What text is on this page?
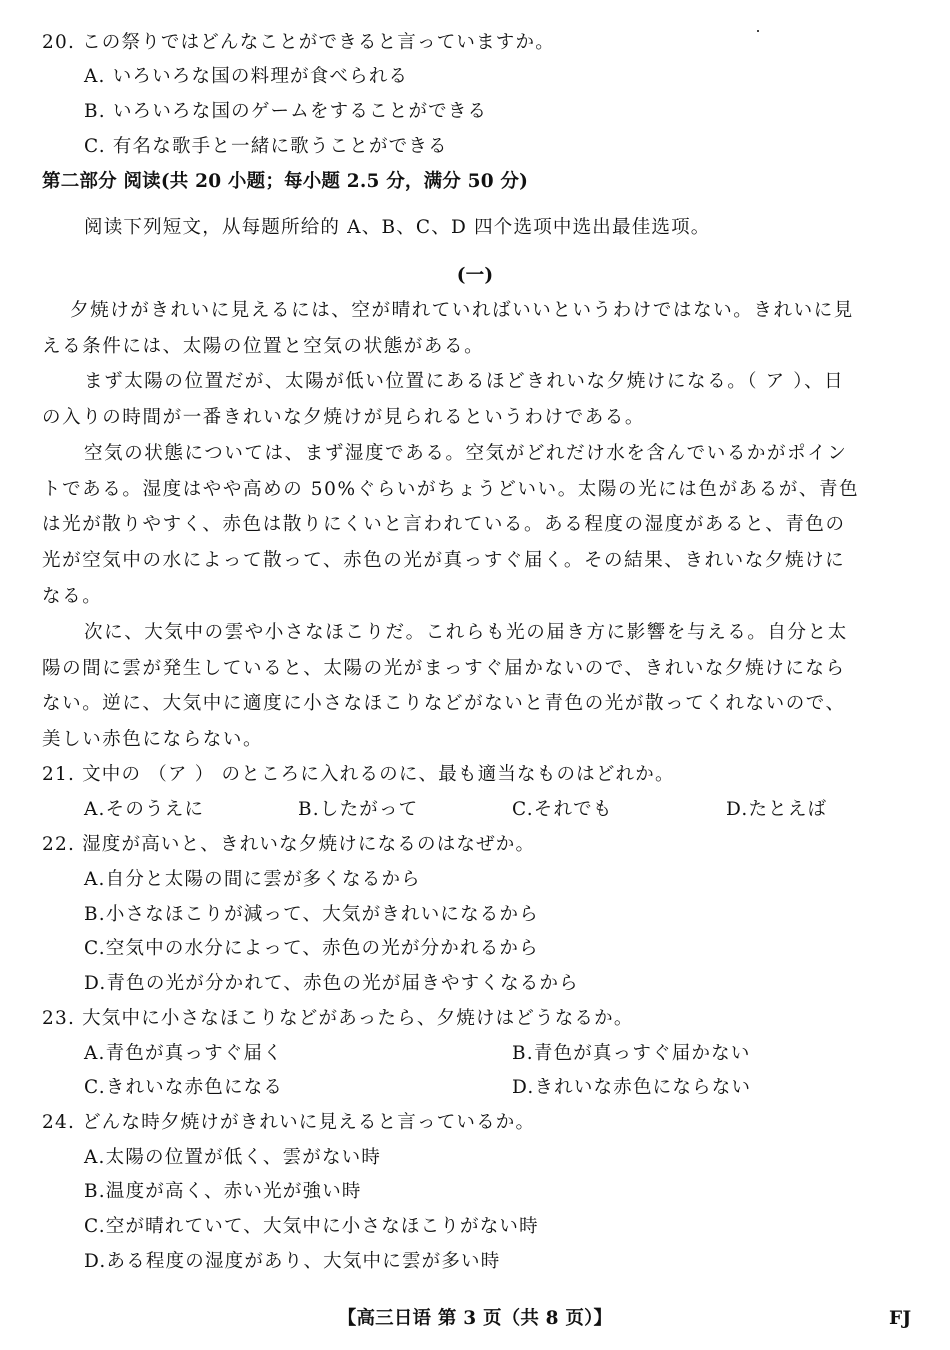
20. この祭りではどんなことができると言っていますか。
A. いろいろな国の料理が食べられる
B. いろいろな国のゲームをすることができる
C. 有名な歌手と一緒に歌うことができる
第二部分 阅读(共 20 小题；每小题 2.5 分，满分 50 分)
阅读下列短文，从每题所给的 A、B、C、D 四个选项中选出最佳选项。
(一)
夕焼けがきれいに見えるには、空が晴れていればいいというわけではない。きれいに見
える条件には、太陽の位置と空気の状態がある。
まず太陽の位置だが、太陽が低い位置にあるほどきれいな夕焼けになる。（ ア ）、日
の入りの時間が一番きれいな夕焼けが見られるというわけである。
空気の状態については、まず湿度である。空気がどれだけ水を含んでいるかがポイン
トである。湿度はやや高めの 50%ぐらいがちょうどいい。太陽の光には色があるが、青色
は光が散りやすく、赤色は散りにくいと言われている。ある程度の湿度があると、青色の
光が空気中の水によって散って、赤色の光が真っすぐ届く。その結果、きれいな夕焼けに
なる。
次に、大気中の雲や小さなほこりだ。これらも光の届き方に影響を与える。自分と太
陽の間に雲が発生していると、太陽の光がまっすぐ届かないので、きれいな夕焼けになら
ない。逆に、大気中に適度に小さなほこりなどがないと青色の光が散ってくれないので、
美しい赤色にならない。
21. 文中の （ア ） のところに入れるのに、最も適当なものはどれか。
A.そのうえに	B.したがって	C.それでも	D.たとえば
22. 湿度が高いと、きれいな夕焼けになるのはなぜか。
A.自分と太陽の間に雲が多くなるから
B.小さなほこりが減って、大気がきれいになるから
C.空気中の水分によって、赤色の光が分かれるから
D.青色の光が分かれて、赤色の光が届きやすくなるから
23. 大気中に小さなほこりなどがあったら、夕焼けはどうなるか。
A.青色が真っすぐ届く	B.青色が真っすぐ届かない
C.きれいな赤色になる	D.きれいな赤色にならない
24. どんな時夕焼けがきれいに見えると言っているか。
A.太陽の位置が低く、雲がない時
B.温度が高く、赤い光が強い時
C.空が晴れていて、大気中に小さなほこりがない時
D.ある程度の湿度があり、大気中に雲が多い時
【高三日语 第 3 页（共 8 页）】	FJ
